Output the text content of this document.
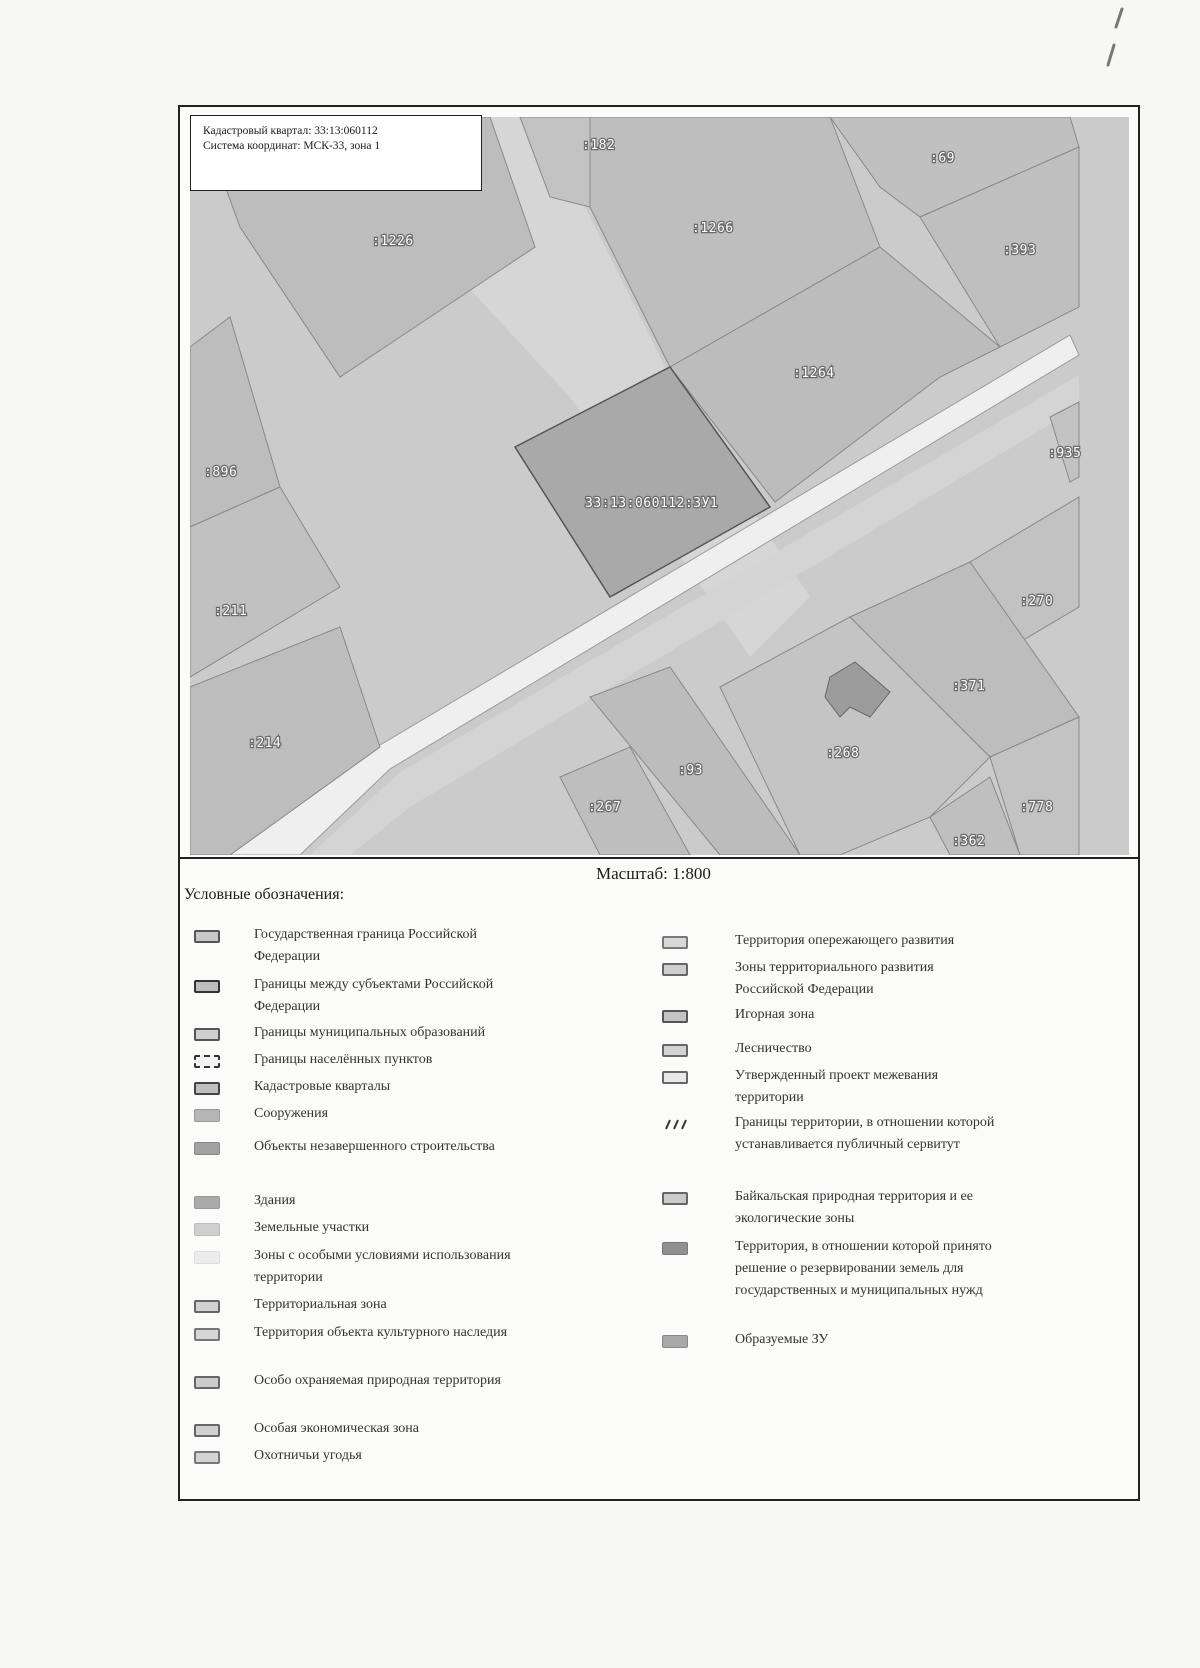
:182
:69
:1226
:1266
:393
:1264
:935
:896
33:13:060112:ЗУ1
:211
:270
:371
:214
:268
:93
:267	:778
:362
Кадастровый квартал: 33:13:060112
Система координат: МСК-33, зона 1
Масштаб: 1:800
Условные обозначения:
Государственная граница Российской Федерации
Границы между субъектами Российской Федерации
Границы муниципальных образований
Границы населённых пунктов
Кадастровые кварталы
Сооружения
Объекты незавершенного строительства
Здания
Земельные участки
Зоны с особыми условиями использования территории
Территориальная зона
Территория объекта культурного наследия
Особо охраняемая природная территория
Особая экономическая зона
Охотничьи угодья
Территория опережающего развития
Зоны территориального развития Российской Федерации
Игорная зона
Лесничество
Утвержденный проект межевания территории
Границы территории, в отношении которой устанавливается публичный сервитут
Байкальская природная территория и ее экологические зоны
Территория, в отношении которой принято решение о резервировании земель для государственных и муниципальных нужд
Образуемые ЗУ
